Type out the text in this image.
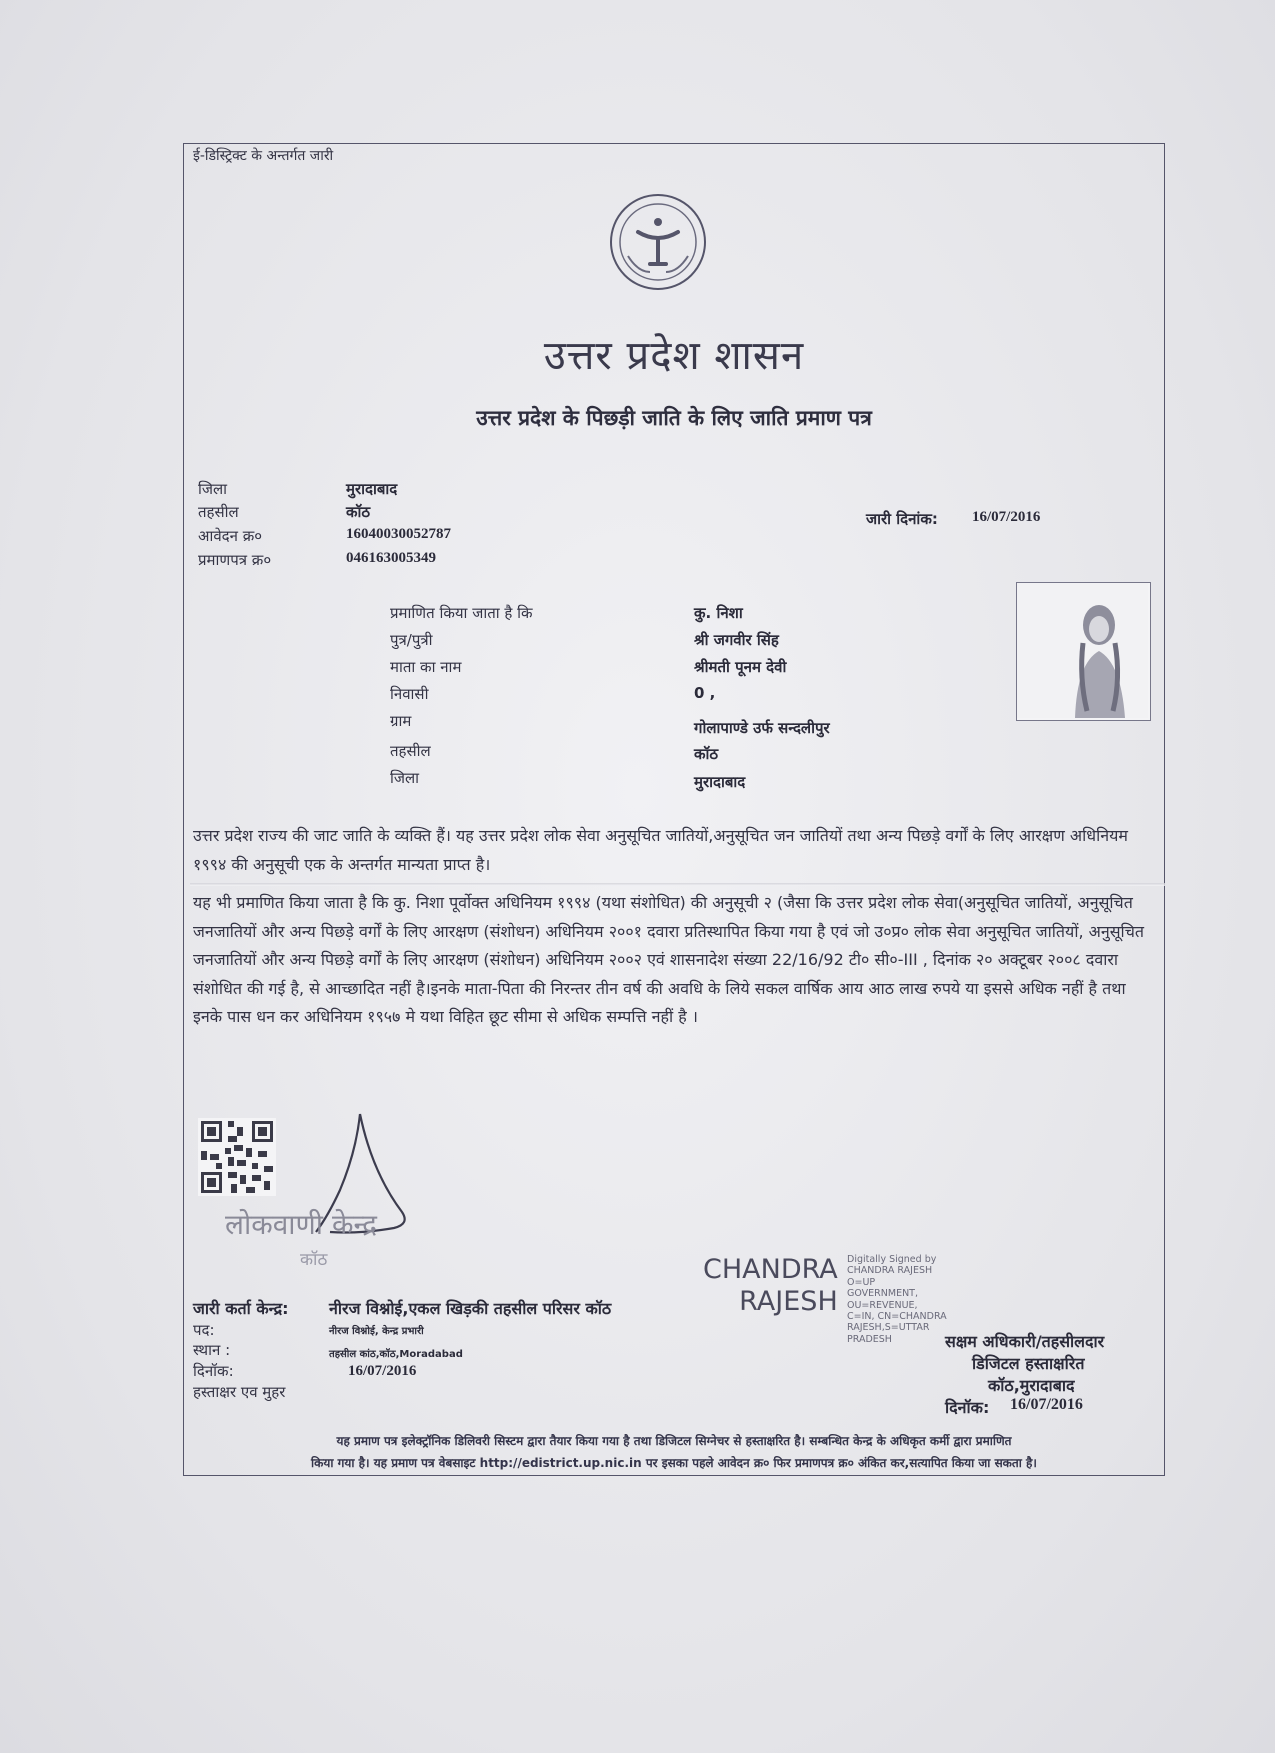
ई-डिस्ट्रिक्ट के अन्तर्गत जारी
उत्तर प्रदेश शासन
उत्तर प्रदेश के पिछड़ी जाति के लिए जाति प्रमाण पत्र
जिला	मुरादाबाद
तहसील	कॉठ
आवेदन क्र०	160400300527​87
प्रमाणपत्र क्र०	046163005349
जारी दिनांक: 16/07/2016
प्रमाणित किया जाता है कि	कु. निशा
पुत्र/पुत्री	श्री जगवीर सिंह
माता का नाम	श्रीमती पूनम देवी
निवासी	0 ,
ग्राम	गोलापाण्डे उर्फ सन्दलीपुर
तहसील	कॉठ
जिला	मुरादाबाद
उत्तर प्रदेश राज्य की जाट जाति के व्यक्ति हैं। यह उत्तर प्रदेश लोक सेवा अनुसूचित जातियों,अनुसूचित जन जातियों तथा अन्य पिछड़े वर्गों के लिए आरक्षण अधिनियम १९९४ की अनुसूची एक के अन्तर्गत मान्यता प्राप्त है।
यह भी प्रमाणित किया जाता है कि कु. निशा पूर्वोक्त अधिनियम १९९४ (यथा संशोधित) की अनुसूची २ (जैसा कि उत्तर प्रदेश लोक सेवा(अनुसूचित जातियों, अनुसूचित जनजातियों और अन्य पिछड़े वर्गों के लिए आरक्षण (संशोधन) अधिनियम २००१ दवारा प्रतिस्थापित किया गया है एवं जो उ०प्र० लोक सेवा अनुसूचित जातियों, अनुसूचित जनजातियों और अन्य पिछड़े वर्गों के लिए आरक्षण (संशोधन) अधिनियम २००२ एवं शासनादेश संख्या 22/16/92 टी० सी०-III , दिनांक २० अक्टूबर २००८ दवारा संशोधित की गई है, से आच्छादित नहीं है।इनके माता-पिता की निरन्तर तीन वर्ष की अवधि के लिये सकल वार्षिक आय आठ लाख रुपये या इससे अधिक नहीं है तथा इनके पास धन कर अधिनियम १९५७ मे यथा विहित छूट सीमा से अधिक सम्पत्ति नहीं है ।
लोकवाणी केन्द्र
कॉठ
जारी कर्ता केन्द्र:	नीरज विश्नोई,एकल खिड़की तहसील परिसर कॉठ
पद:	नीरज विश्नोई, केन्द्र प्रभारी
स्थान :	तहसील कांठ,कॉठ,Moradabad
दिनॉक:	16/07/2016
हस्ताक्षर एव मुहर
CHANDRA
RAJESH
Digitally Signed by CHANDRA RAJESH O=UP GOVERNMENT, OU=REVENUE, C=IN, CN=CHANDRA RAJESH,S=UTTAR PRADESH	सक्षम अधिकारी/तहसीलदार
डिजिटल हस्ताक्षरित
कॉठ,मुरादाबाद
दिनॉक: 16/07/2016
यह प्रमाण पत्र इलेक्ट्रॉनिक डिलिवरी सिस्टम द्वारा तैयार किया गया है तथा डिजिटल सिग्नेचर से हस्ताक्षरित है। सम्बन्धित केन्द्र के अधिकृत कर्मी द्वारा प्रमाणित
किया गया है। यह प्रमाण पत्र वेबसाइट http://edistrict.up.nic.in पर इसका पहले आवेदन क्र० फिर प्रमाणपत्र क्र० अंकित कर,सत्यापित किया जा सकता है।
